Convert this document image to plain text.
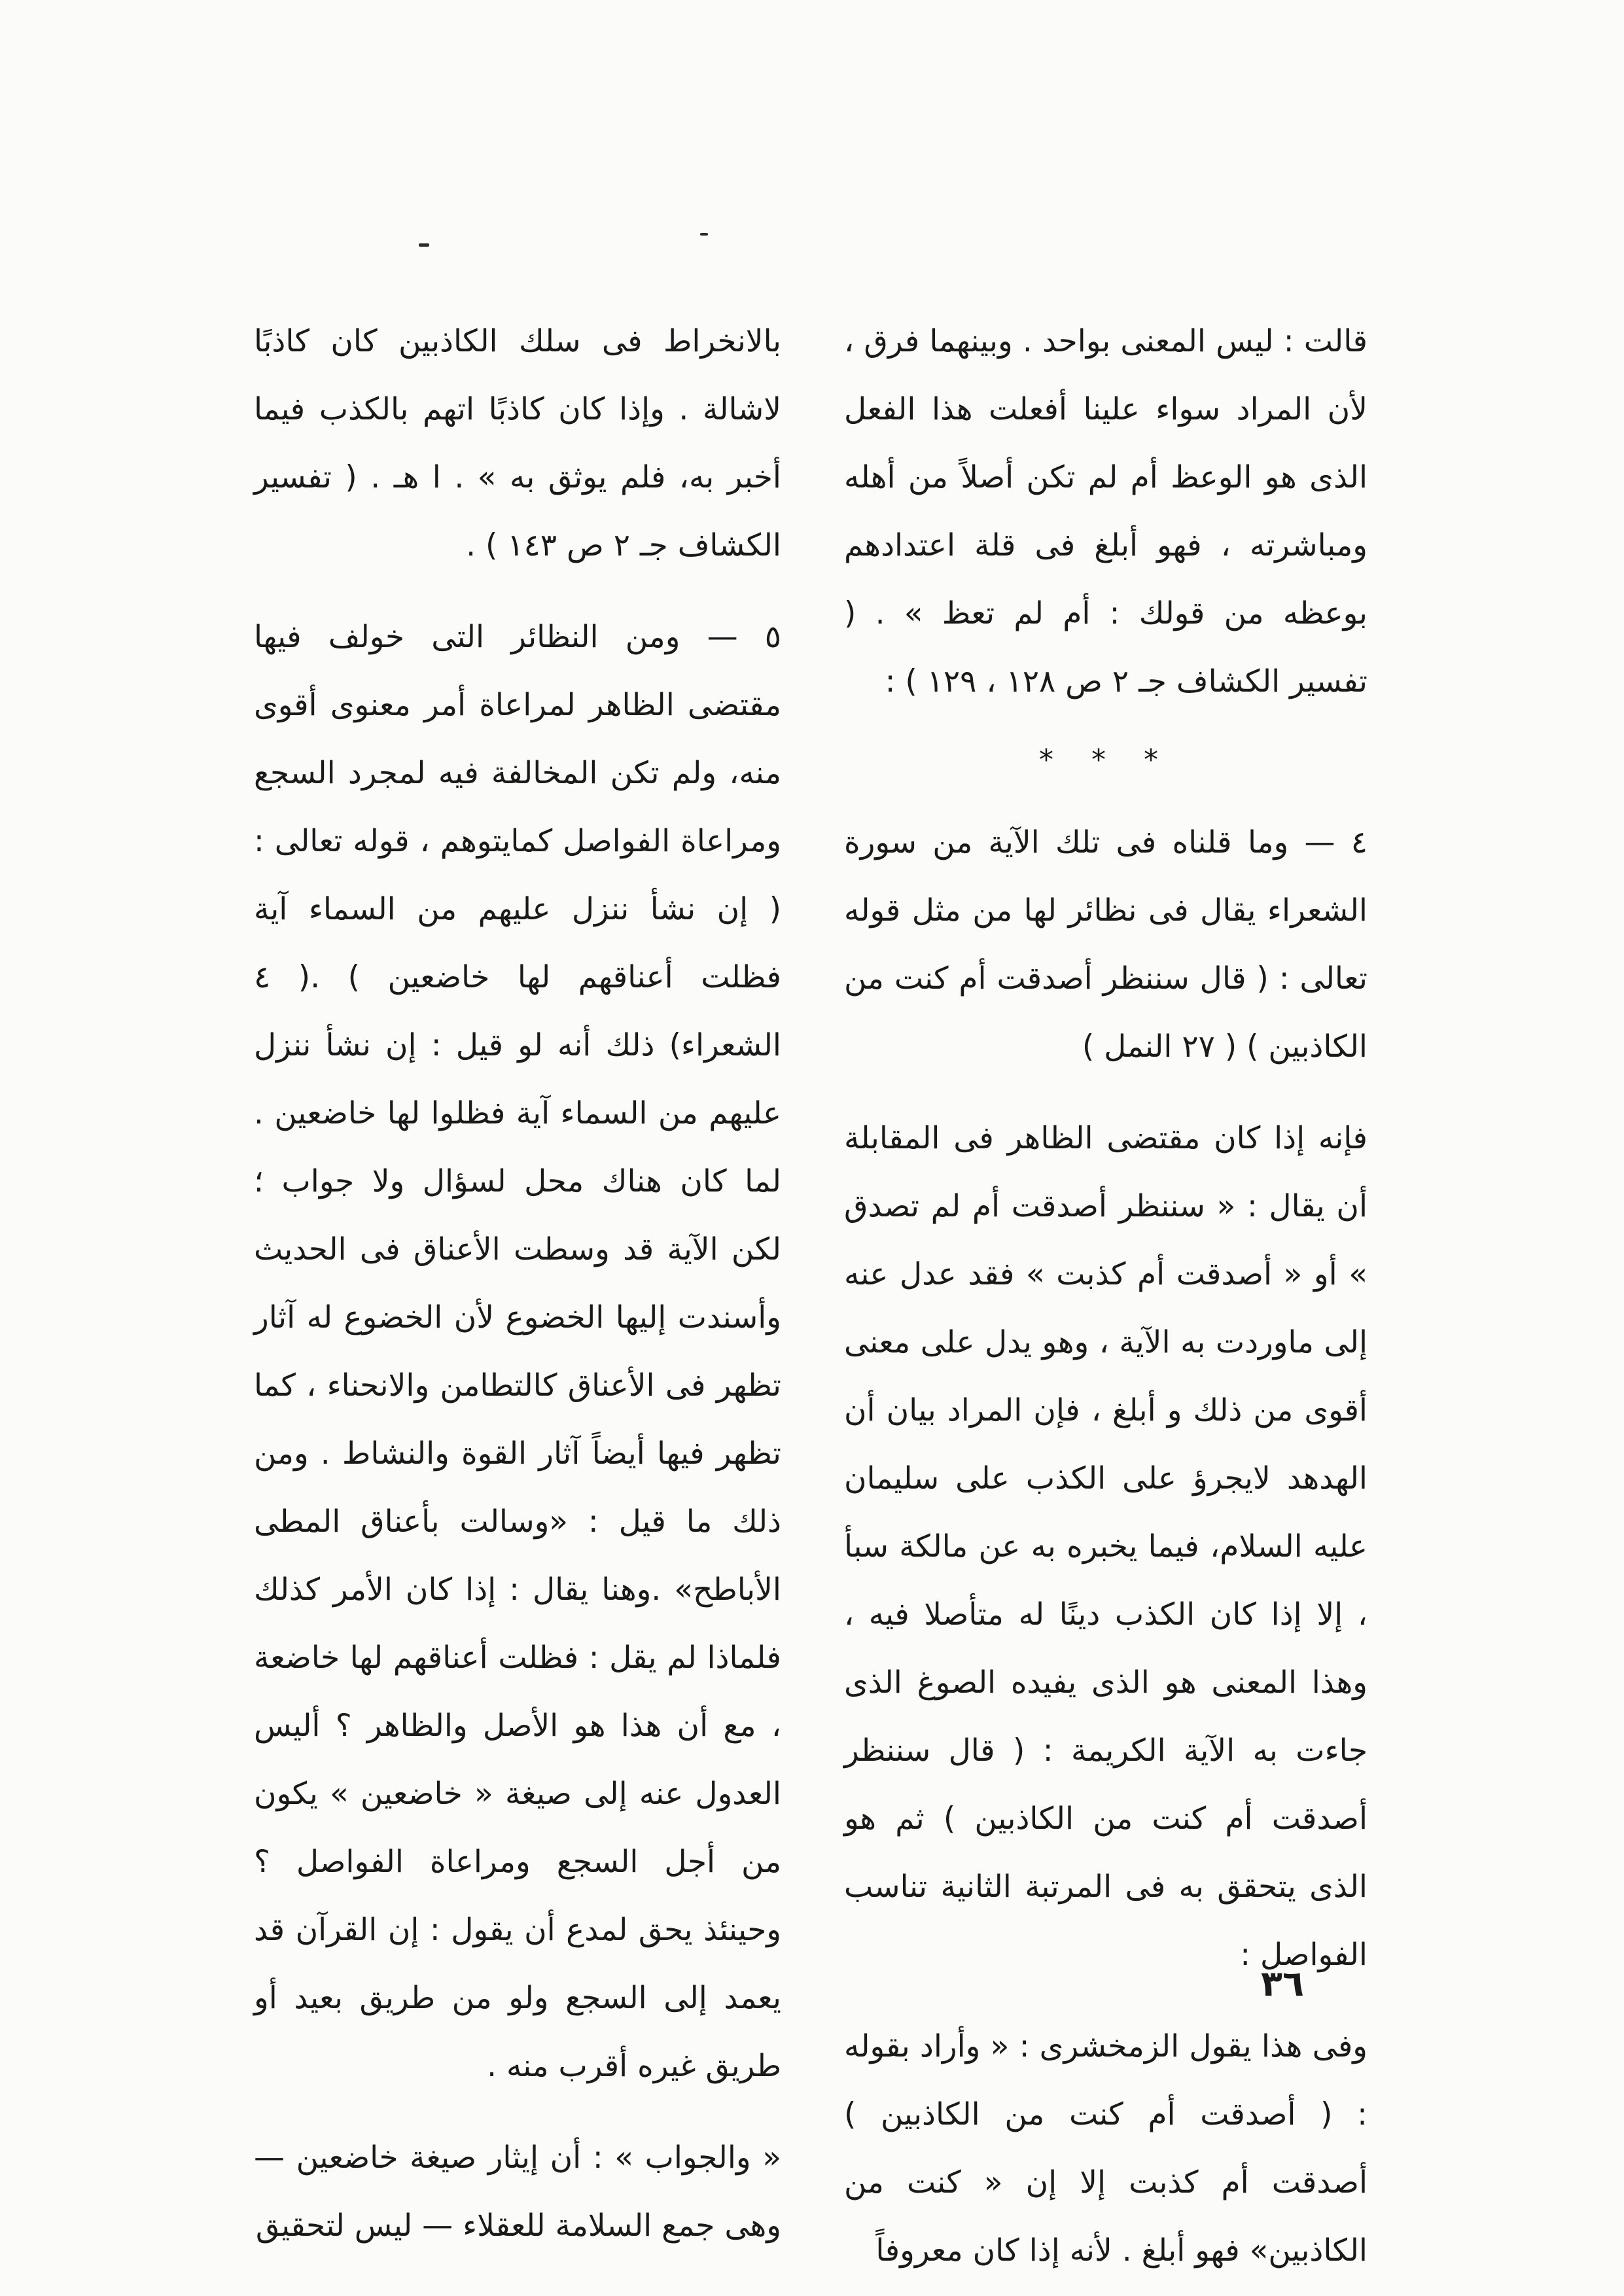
قالت : ليس المعنى بواحد . وبينهما فرق ، لأن المراد سواء علينا أفعلت هذا الفعل الذى هو الوعظ أم لم تكن أصلاً من أهله ومباشرته ، فهو أبلغ فى قلة اعتدادهم بوعظه من قولك : أم لم تعظ » . ( تفسير الكشاف جـ ٢ ص ١٢٨ ، ١٢٩ ) :

* * *

٤ — وما قلناه فى تلك الآية من سورة الشعراء يقال فى نظائر لها من مثل قوله تعالى : ( قال سننظر أصدقت أم كنت من الكاذبين ) ( ٢٧ النمل )

فإنه إذا كان مقتضى الظاهر فى المقابلة أن يقال : « سننظر أصدقت أم لم تصدق » أو « أصدقت أم كذبت » فقد عدل عنه إلى ماوردت به الآية ، وهو يدل على معنى أقوى من ذلك و أبلغ ، فإن المراد بيان أن الهدهد لايجرؤ على الكذب على سليمان عليه السلام، فيما يخبره به عن مالكة سبأ ، إلا إذا كان الكذب دينًا له متأصلا فيه ، وهذا المعنى هو الذى يفيده الصوغ الذى جاءت به الآية الكريمة : ( قال سننظر أصدقت أم كنت من الكاذبين ) ثم هو الذى يتحقق به فى المرتبة الثانية تناسب الفواصل :

وفى هذا يقول الزمخشرى : « وأراد بقوله : ( أصدقت أم كنت من الكاذبين ) أصدقت أم كذبت إلا إن « كنت من الكاذبين» فهو أبلغ . لأنه إذا كان معروفاً

بالانخراط فى سلك الكاذبين كان كاذبًا لاشالة . وإذا كان كاذبًا اتهم بالكذب فيما أخبر به، فلم يوثق به » . ا هـ . ( تفسير الكشاف جـ ٢ ص ١٤٣ ) .

٥ — ومن النظائر التى خولف فيها مقتضى الظاهر لمراعاة أمر معنوى أقوى منه، ولم تكن المخالفة فيه لمجرد السجع ومراعاة الفواصل كمايتوهم ، قوله تعالى : ( إن نشأ ننزل عليهم من السماء آية فظلت أعناقهم لها خاضعين ) .( ٤ الشعراء) ذلك أنه لو قيل : إن نشأ ننزل عليهم من السماء آية فظلوا لها خاضعين . لما كان هناك محل لسؤال ولا جواب ؛ لكن الآية قد وسطت الأعناق فى الحديث وأسندت إليها الخضوع لأن الخضوع له آثار تظهر فى الأعناق كالتطامن والانحناء ، كما تظهر فيها أيضاً آثار القوة والنشاط . ومن ذلك ما قيل : «وسالت بأعناق المطى الأباطح» .وهنا يقال : إذا كان الأمر كذلك فلماذا لم يقل : فظلت أعناقهم لها خاضعة ، مع أن هذا هو الأصل والظاهر ؟ أليس العدول عنه إلى صيغة « خاضعين » يكون من أجل السجع ومراعاة الفواصل ؟ وحينئذ يحق لمدع أن يقول : إن القرآن قد يعمد إلى السجع ولو من طريق بعيد أو طريق غيره أقرب منه .

« والجواب » : أن إيثار صيغة خاضعين — وهى جمع السلامة للعقلاء — ليس لتحقيق

٣٦
